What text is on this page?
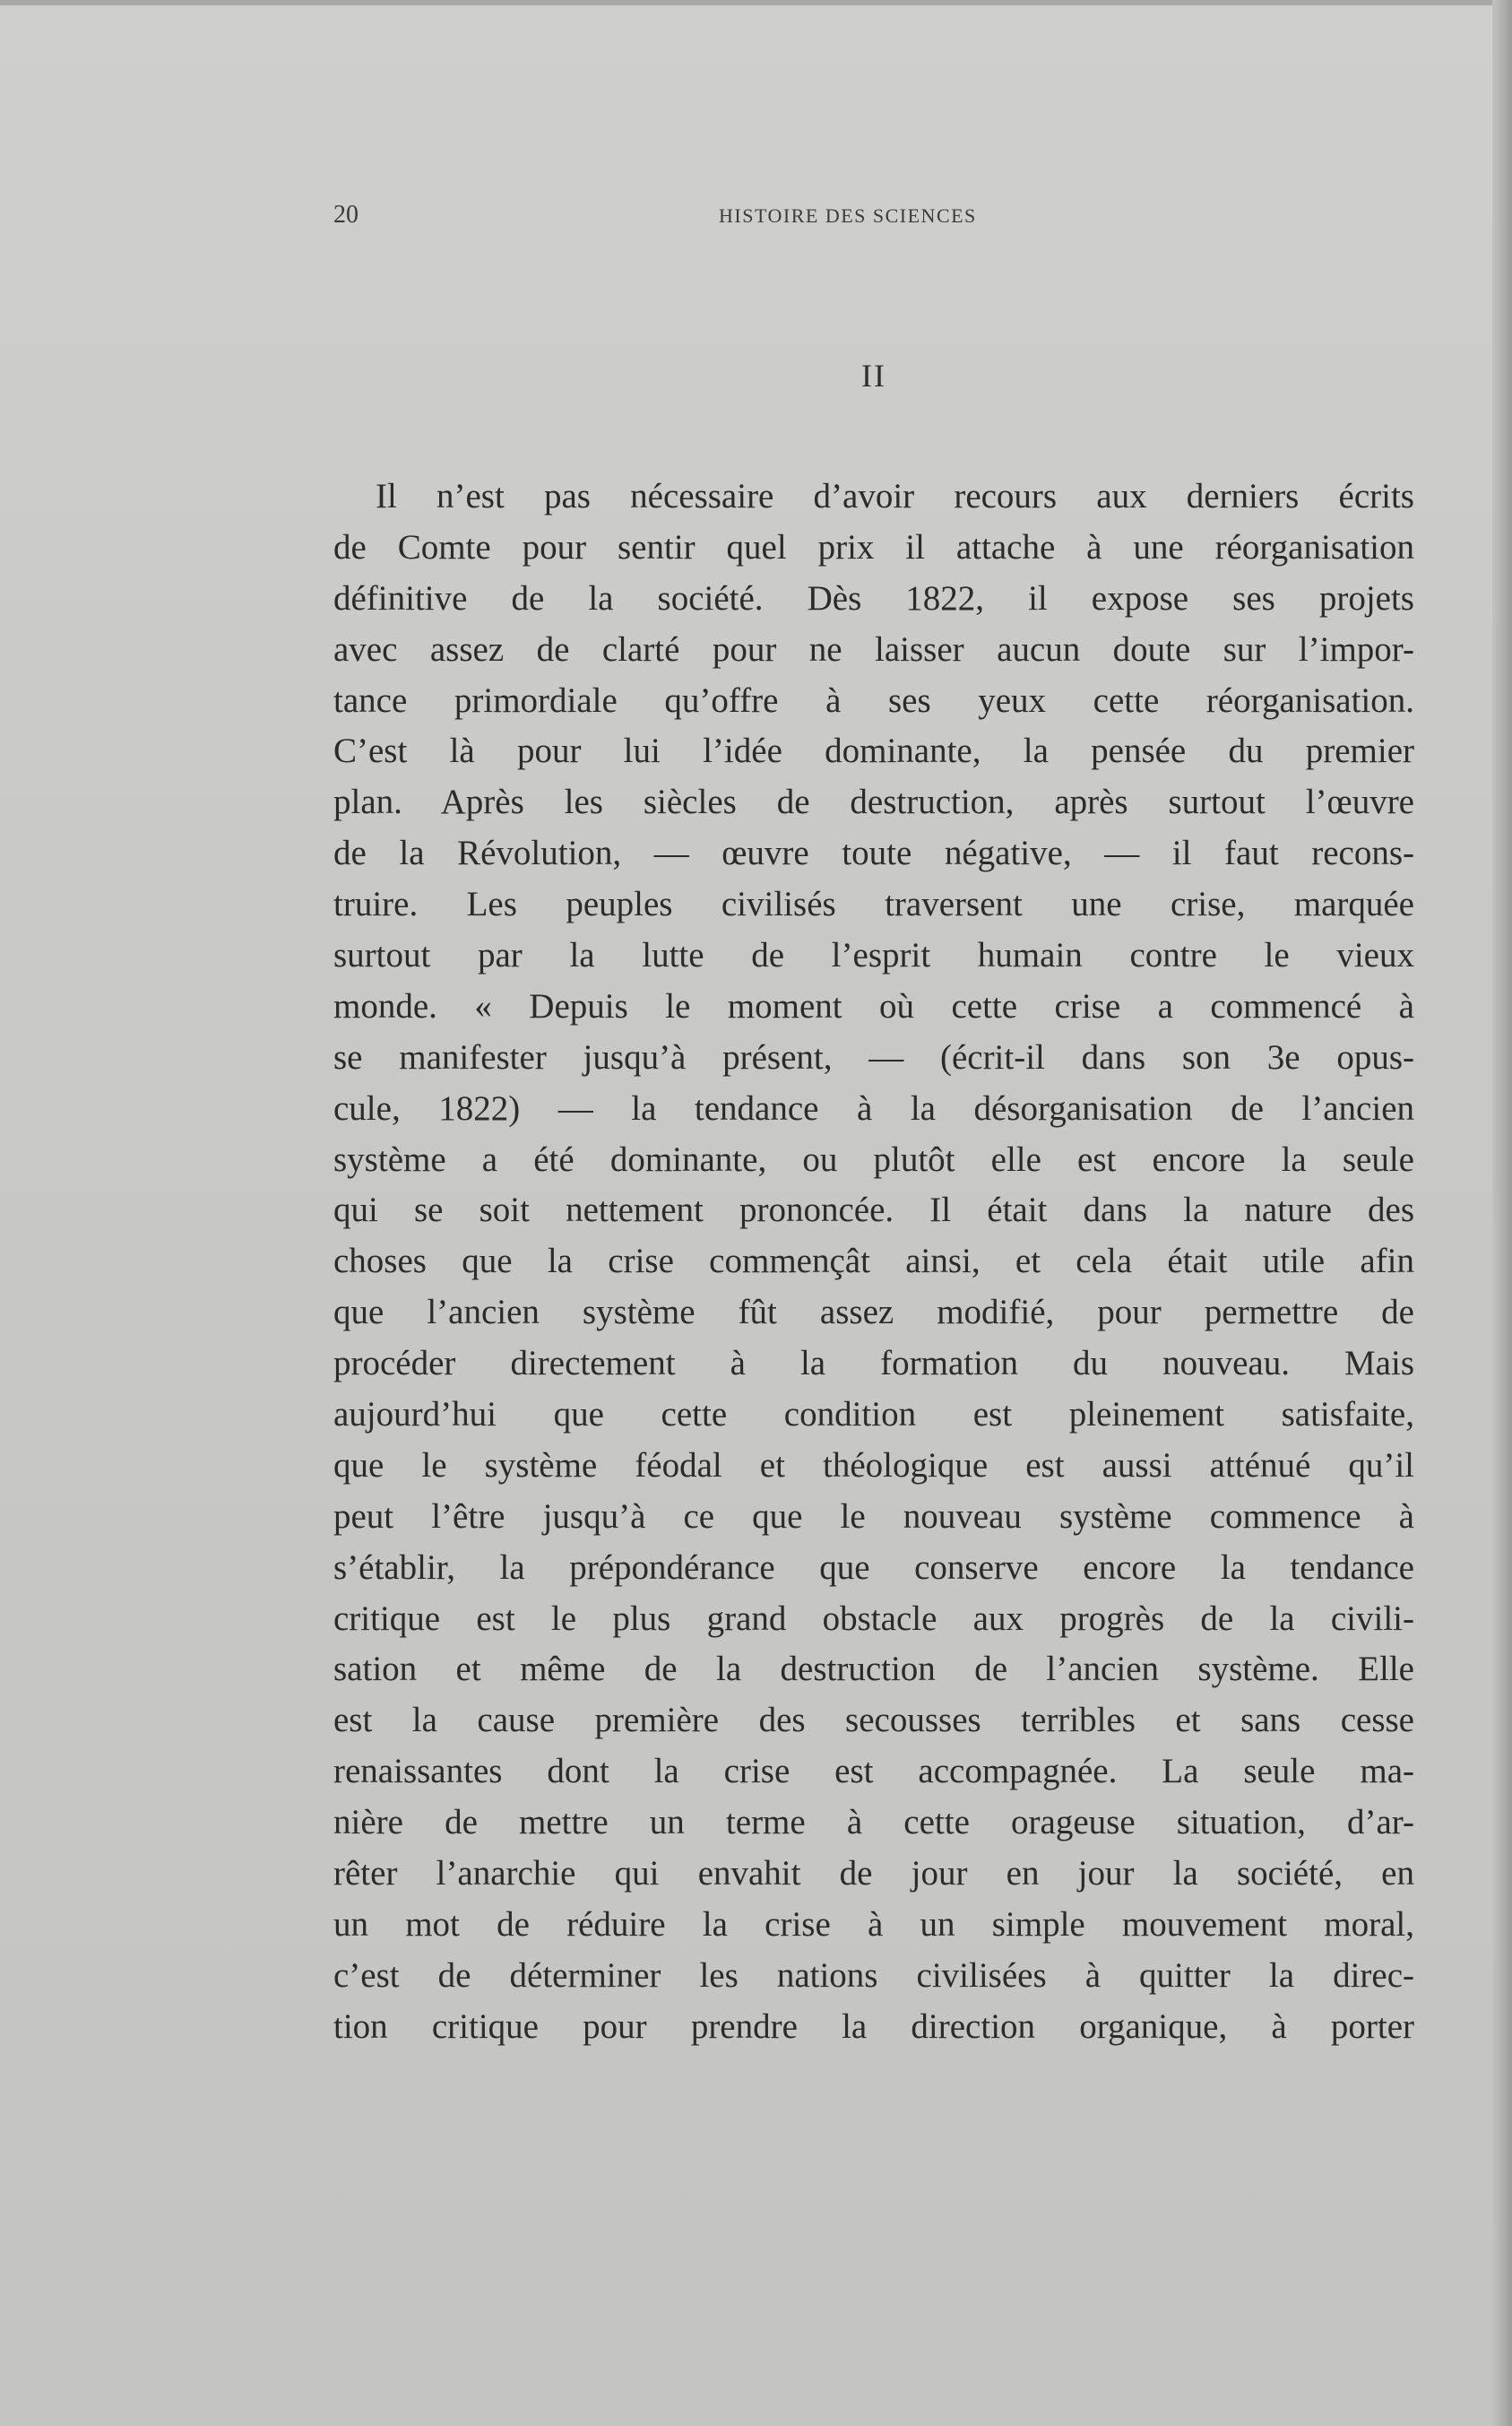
20	HISTOIRE DES SCIENCES
II
Il n’est pas nécessaire d’avoir recours aux derniers écrits
de Comte pour sentir quel prix il attache à une réorganisation
définitive de la société. Dès 1822, il expose ses projets
avec assez de clarté pour ne laisser aucun doute sur l’impor-
tance primordiale qu’offre à ses yeux cette réorganisation.
C’est là pour lui l’idée dominante, la pensée du premier
plan. Après les siècles de destruction, après surtout l’œuvre
de la Révolution, — œuvre toute négative, — il faut recons-
truire. Les peuples civilisés traversent une crise, marquée
surtout par la lutte de l’esprit humain contre le vieux
monde. « Depuis le moment où cette crise a commencé à
se manifester jusqu’à présent, — (écrit-il dans son 3e opus-
cule, 1822) — la tendance à la désorganisation de l’ancien
système a été dominante, ou plutôt elle est encore la seule
qui se soit nettement prononcée. Il était dans la nature des
choses que la crise commençât ainsi, et cela était utile afin
que l’ancien système fût assez modifié, pour permettre de
procéder directement à la formation du nouveau. Mais
aujourd’hui que cette condition est pleinement satisfaite,
que le système féodal et théologique est aussi atténué qu’il
peut l’être jusqu’à ce que le nouveau système commence à
s’établir, la prépondérance que conserve encore la tendance
critique est le plus grand obstacle aux progrès de la civili-
sation et même de la destruction de l’ancien système. Elle
est la cause première des secousses terribles et sans cesse
renaissantes dont la crise est accompagnée. La seule ma-
nière de mettre un terme à cette orageuse situation, d’ar-
rêter l’anarchie qui envahit de jour en jour la société, en
un mot de réduire la crise à un simple mouvement moral,
c’est de déterminer les nations civilisées à quitter la direc-
tion critique pour prendre la direction organique, à porter
